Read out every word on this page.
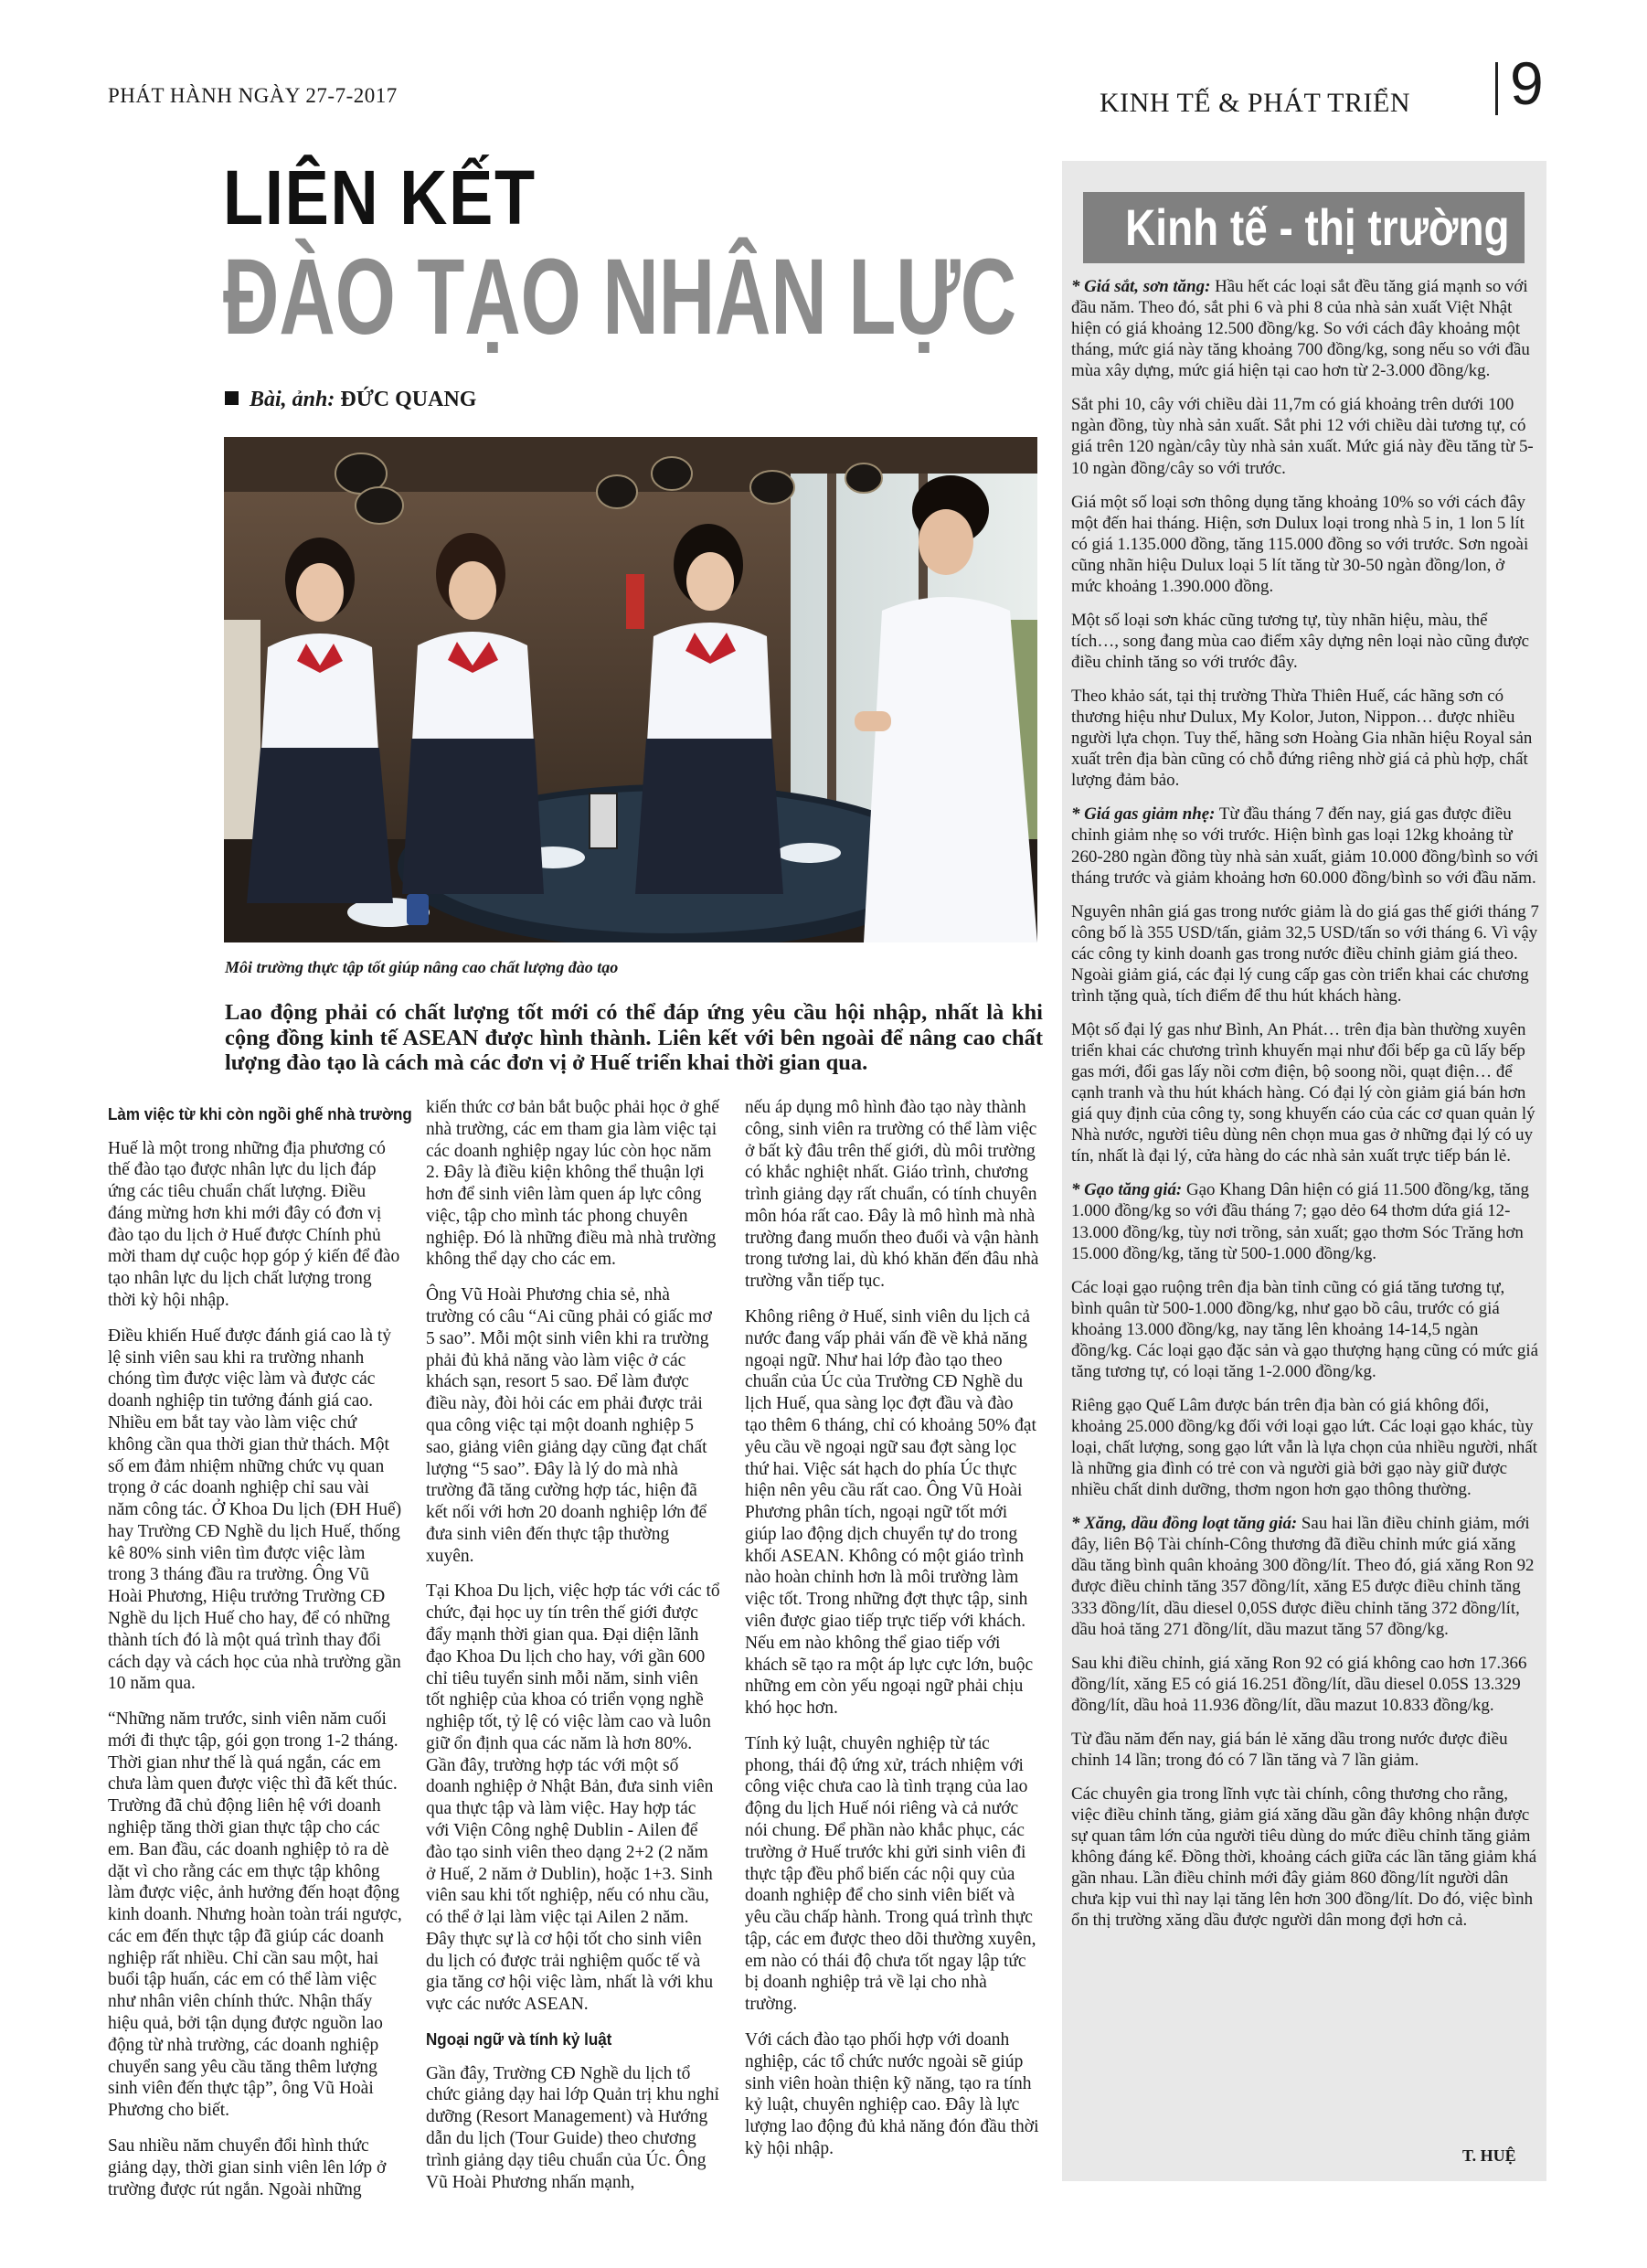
PHÁT HÀNH NGÀY 27-7-2017	KINH TẾ & PHÁT TRIỂN 9
LIÊN KẾT
ĐÀO TẠO NHÂN LỰC
Bài, ảnh: ĐỨC QUANG
Môi trường thực tập tốt giúp nâng cao chất lượng đào tạo
Lao động phải có chất lượng tốt mới có thể đáp ứng yêu cầu hội nhập, nhất là khi cộng đồng kinh tế ASEAN được hình thành. Liên kết với bên ngoài để nâng cao chất lượng đào tạo là cách mà các đơn vị ở Huế triển khai thời gian qua.
Làm việc từ khi còn ngồi ghế nhà trường

Huế là một trong những địa phương có thế đào tạo được nhân lực du lịch đáp ứng các tiêu chuẩn chất lượng. Điều đáng mừng hơn khi mới đây có đơn vị đào tạo du lịch ở Huế được Chính phủ mời tham dự cuộc họp góp ý kiến để đào tạo nhân lực du lịch chất lượng trong thời kỳ hội nhập.

Điều khiến Huế được đánh giá cao là tỷ lệ sinh viên sau khi ra trường nhanh chóng tìm được việc làm và được các doanh nghiệp tin tưởng đánh giá cao. Nhiều em bắt tay vào làm việc chứ không cần qua thời gian thử thách. Một số em đảm nhiệm những chức vụ quan trọng ở các doanh nghiệp chỉ sau vài năm công tác. Ở Khoa Du lịch (ĐH Huế) hay Trường CĐ Nghề du lịch Huế, thống kê 80% sinh viên tìm được việc làm trong 3 tháng đầu ra trường. Ông Vũ Hoài Phương, Hiệu trưởng Trường CĐ Nghề du lịch Huế cho hay, để có những thành tích đó là một quá trình thay đổi cách dạy và cách học của nhà trường gần 10 năm qua.

“Những năm trước, sinh viên năm cuối mới đi thực tập, gói gọn trong 1-2 tháng. Thời gian như thế là quá ngắn, các em chưa làm quen được việc thì đã kết thúc. Trường đã chủ động liên hệ với doanh nghiệp tăng thời gian thực tập cho các em. Ban đầu, các doanh nghiệp tỏ ra dè dặt vì cho rằng các em thực tập không làm được việc, ảnh hưởng đến hoạt động kinh doanh. Nhưng hoàn toàn trái ngược, các em đến thực tập đã giúp các doanh nghiệp rất nhiều. Chỉ cần sau một, hai buổi tập huấn, các em có thể làm việc như nhân viên chính thức. Nhận thấy hiệu quả, bởi tận dụng được nguồn lao động từ nhà trường, các doanh nghiệp chuyển sang yêu cầu tăng thêm lượng sinh viên đến thực tập”, ông Vũ Hoài Phương cho biết.

Sau nhiều năm chuyển đổi hình thức giảng dạy, thời gian sinh viên lên lớp ở trường được rút ngắn. Ngoài những

kiến thức cơ bản bắt buộc phải học ở ghế nhà trường, các em tham gia làm việc tại các doanh nghiệp ngay lúc còn học năm 2. Đây là điều kiện không thể thuận lợi hơn để sinh viên làm quen áp lực công việc, tập cho mình tác phong chuyên nghiệp. Đó là những điều mà nhà trường không thể dạy cho các em.

Ông Vũ Hoài Phương chia sẻ, nhà trường có câu “Ai cũng phải có giấc mơ 5 sao”. Mỗi một sinh viên khi ra trường phải đủ khả năng vào làm việc ở các khách sạn, resort 5 sao. Để làm được điều này, đòi hỏi các em phải được trải qua công việc tại một doanh nghiệp 5 sao, giảng viên giảng dạy cũng đạt chất lượng “5 sao”. Đây là lý do mà nhà trường đã tăng cường hợp tác, hiện đã kết nối với hơn 20 doanh nghiệp lớn để đưa sinh viên đến thực tập thường xuyên.

Tại Khoa Du lịch, việc hợp tác với các tổ chức, đại học uy tín trên thế giới được đẩy mạnh thời gian qua. Đại diện lãnh đạo Khoa Du lịch cho hay, với gần 600 chỉ tiêu tuyển sinh mỗi năm, sinh viên tốt nghiệp của khoa có triển vọng nghề nghiệp tốt, tỷ lệ có việc làm cao và luôn giữ ổn định qua các năm là hơn 80%. Gần đây, trường hợp tác với một số doanh nghiệp ở Nhật Bản, đưa sinh viên qua thực tập và làm việc. Hay hợp tác với Viện Công nghệ Dublin - Ailen để đào tạo sinh viên theo dạng 2+2 (2 năm ở Huế, 2 năm ở Dublin), hoặc 1+3. Sinh viên sau khi tốt nghiệp, nếu có nhu cầu, có thể ở lại làm việc tại Ailen 2 năm. Đây thực sự là cơ hội tốt cho sinh viên du lịch có được trải nghiệm quốc tế và gia tăng cơ hội việc làm, nhất là với khu vực các nước ASEAN.

Ngoại ngữ và tính kỷ luật

Gần đây, Trường CĐ Nghề du lịch tổ chức giảng dạy hai lớp Quản trị khu nghỉ dưỡng (Resort Management) và Hướng dẫn du lịch (Tour Guide) theo chương trình giảng dạy tiêu chuẩn của Úc. Ông Vũ Hoài Phương nhấn mạnh,

nếu áp dụng mô hình đào tạo này thành công, sinh viên ra trường có thể làm việc ở bất kỳ đâu trên thế giới, dù môi trường có khắc nghiệt nhất. Giáo trình, chương trình giảng dạy rất chuẩn, có tính chuyên môn hóa rất cao. Đây là mô hình mà nhà trường đang muốn theo đuổi và vận hành trong tương lai, dù khó khăn đến đâu nhà trường vẫn tiếp tục.

Không riêng ở Huế, sinh viên du lịch cả nước đang vấp phải vấn đề về khả năng ngoại ngữ. Như hai lớp đào tạo theo chuẩn của Úc của Trường CĐ Nghề du lịch Huế, qua sàng lọc đợt đầu và đào tạo thêm 6 tháng, chỉ có khoảng 50% đạt yêu cầu về ngoại ngữ sau đợt sàng lọc thứ hai. Việc sát hạch do phía Úc thực hiện nên yêu cầu rất cao. Ông Vũ Hoài Phương phân tích, ngoại ngữ tốt mới giúp lao động dịch chuyển tự do trong khối ASEAN. Không có một giáo trình nào hoàn chỉnh hơn là môi trường làm việc tốt. Trong những đợt thực tập, sinh viên được giao tiếp trực tiếp với khách. Nếu em nào không thể giao tiếp với khách sẽ tạo ra một áp lực cực lớn, buộc những em còn yếu ngoại ngữ phải chịu khó học hơn.

Tính kỷ luật, chuyên nghiệp từ tác phong, thái độ ứng xử, trách nhiệm với công việc chưa cao là tình trạng của lao động du lịch Huế nói riêng và cả nước nói chung. Để phần nào khắc phục, các trường ở Huế trước khi gửi sinh viên đi thực tập đều phổ biến các nội quy của doanh nghiệp để cho sinh viên biết và yêu cầu chấp hành. Trong quá trình thực tập, các em được theo dõi thường xuyên, em nào có thái độ chưa tốt ngay lập tức bị doanh nghiệp trả về lại cho nhà trường.

Với cách đào tạo phối hợp với doanh nghiệp, các tổ chức nước ngoài sẽ giúp sinh viên hoàn thiện kỹ năng, tạo ra tính kỷ luật, chuyên nghiệp cao. Đây là lực lượng lao động đủ khả năng đón đầu thời kỳ hội nhập.

Kinh tế - thị trường

* Giá sắt, sơn tăng: Hầu hết các loại sắt đều tăng giá mạnh so với đầu năm. Theo đó, sắt phi 6 và phi 8 của nhà sản xuất Việt Nhật hiện có giá khoảng 12.500 đồng/kg. So với cách đây khoảng một tháng, mức giá này tăng khoảng 700 đồng/kg, song nếu so với đầu mùa xây dựng, mức giá hiện tại cao hơn từ 2-3.000 đồng/kg.

Sắt phi 10, cây với chiều dài 11,7m có giá khoảng trên dưới 100 ngàn đồng, tùy nhà sản xuất. Sắt phi 12 với chiều dài tương tự, có giá trên 120 ngàn/cây tùy nhà sản xuất. Mức giá này đều tăng từ 5-10 ngàn đồng/cây so với trước.

Giá một số loại sơn thông dụng tăng khoảng 10% so với cách đây một đến hai tháng. Hiện, sơn Dulux loại trong nhà 5 in, 1 lon 5 lít có giá 1.135.000 đồng, tăng 115.000 đồng so với trước. Sơn ngoài cũng nhãn hiệu Dulux loại 5 lít tăng từ 30-50 ngàn đồng/lon, ở mức khoảng 1.390.000 đồng.

Một số loại sơn khác cũng tương tự, tùy nhãn hiệu, màu, thể tích…, song đang mùa cao điểm xây dựng nên loại nào cũng được điều chỉnh tăng so với trước đây.

Theo khảo sát, tại thị trường Thừa Thiên Huế, các hãng sơn có thương hiệu như Dulux, My Kolor, Juton, Nippon… được nhiều người lựa chọn. Tuy thế, hãng sơn Hoàng Gia nhãn hiệu Royal sản xuất trên địa bàn cũng có chỗ đứng riêng nhờ giá cả phù hợp, chất lượng đảm bảo.

* Giá gas giảm nhẹ: Từ đầu tháng 7 đến nay, giá gas được điều chỉnh giảm nhẹ so với trước. Hiện bình gas loại 12kg khoảng từ 260-280 ngàn đồng tùy nhà sản xuất, giảm 10.000 đồng/bình so với tháng trước và giảm khoảng hơn 60.000 đồng/bình so với đầu năm.

Nguyên nhân giá gas trong nước giảm là do giá gas thế giới tháng 7 công bố là 355 USD/tấn, giảm 32,5 USD/tấn so với tháng 6. Vì vậy các công ty kinh doanh gas trong nước điều chỉnh giảm giá theo. Ngoài giảm giá, các đại lý cung cấp gas còn triển khai các chương trình tặng quà, tích điểm để thu hút khách hàng.

Một số đại lý gas như Bình, An Phát… trên địa bàn thường xuyên triển khai các chương trình khuyến mại như đổi bếp ga cũ lấy bếp gas mới, đổi gas lấy nồi cơm điện, bộ soong nồi, quạt điện… để cạnh tranh và thu hút khách hàng. Có đại lý còn giảm giá bán hơn giá quy định của công ty, song khuyến cáo của các cơ quan quản lý Nhà nước, người tiêu dùng nên chọn mua gas ở những đại lý có uy tín, nhất là đại lý, cửa hàng do các nhà sản xuất trực tiếp bán lẻ.

* Gạo tăng giá: Gạo Khang Dân hiện có giá 11.500 đồng/kg, tăng 1.000 đồng/kg so với đầu tháng 7; gạo dẻo 64 thơm dứa giá 12-13.000 đồng/kg, tùy nơi trồng, sản xuất; gạo thơm Sóc Trăng hơn 15.000 đồng/kg, tăng từ 500-1.000 đồng/kg.

Các loại gạo ruộng trên địa bàn tỉnh cũng có giá tăng tương tự, bình quân từ 500-1.000 đồng/kg, như gạo bồ câu, trước có giá khoảng 13.000 đồng/kg, nay tăng lên khoảng 14-14,5 ngàn đồng/kg. Các loại gạo đặc sản và gạo thượng hạng cũng có mức giá tăng tương tự, có loại tăng 1-2.000 đồng/kg.

Riêng gạo Quế Lâm được bán trên địa bàn có giá không đổi, khoảng 25.000 đồng/kg đối với loại gạo lứt. Các loại gạo khác, tùy loại, chất lượng, song gạo lứt vẫn là lựa chọn của nhiều người, nhất là những gia đình có trẻ con và người già bởi gạo này giữ được nhiều chất dinh dưỡng, thơm ngon hơn gạo thông thường.

* Xăng, dầu đồng loạt tăng giá: Sau hai lần điều chỉnh giảm, mới đây, liên Bộ Tài chính-Công thương đã điều chỉnh mức giá xăng dầu tăng bình quân khoảng 300 đồng/lít. Theo đó, giá xăng Ron 92 được điều chỉnh tăng 357 đồng/lít, xăng E5 được điều chỉnh tăng 333 đồng/lít, dầu diesel 0,05S được điều chỉnh tăng 372 đồng/lít, dầu hoả tăng 271 đồng/lít, dầu mazut tăng 57 đồng/kg.

Sau khi điều chỉnh, giá xăng Ron 92 có giá không cao hơn 17.366 đồng/lít, xăng E5 có giá 16.251 đồng/lít, dầu diesel 0.05S 13.329 đồng/lít, dầu hoả 11.936 đồng/lít, dầu mazut 10.833 đồng/kg.

Từ đầu năm đến nay, giá bán lẻ xăng dầu trong nước được điều chỉnh 14 lần; trong đó có 7 lần tăng và 7 lần giảm.

Các chuyên gia trong lĩnh vực tài chính, công thương cho rằng, việc điều chỉnh tăng, giảm giá xăng dầu gần đây không nhận được sự quan tâm lớn của người tiêu dùng do mức điều chỉnh tăng giảm không đáng kể. Đồng thời, khoảng cách giữa các lần tăng giảm khá gần nhau. Lần điều chỉnh mới đây giảm 860 đồng/lít người dân chưa kịp vui thì nay lại tăng lên hơn 300 đồng/lít. Do đó, việc bình ổn thị trường xăng dầu được người dân mong đợi hơn cả.

T. HUỆ
